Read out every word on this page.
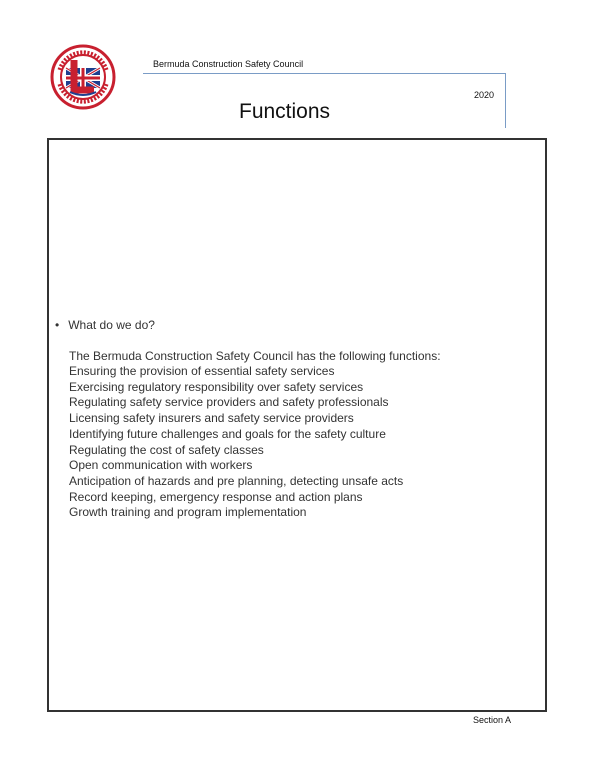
Bermuda Construction Safety Council
2020
Functions
• What do we do?
The Bermuda Construction Safety Council has the following functions:
Ensuring the provision of essential safety services
Exercising regulatory responsibility over safety services
Regulating safety service providers and safety professionals
Licensing safety insurers and safety service providers
Identifying future challenges and goals for the safety culture
Regulating the cost of safety classes
Open communication with workers
Anticipation of hazards and pre planning, detecting unsafe acts
Record keeping, emergency response and action plans
Growth training and program implementation
Section A
